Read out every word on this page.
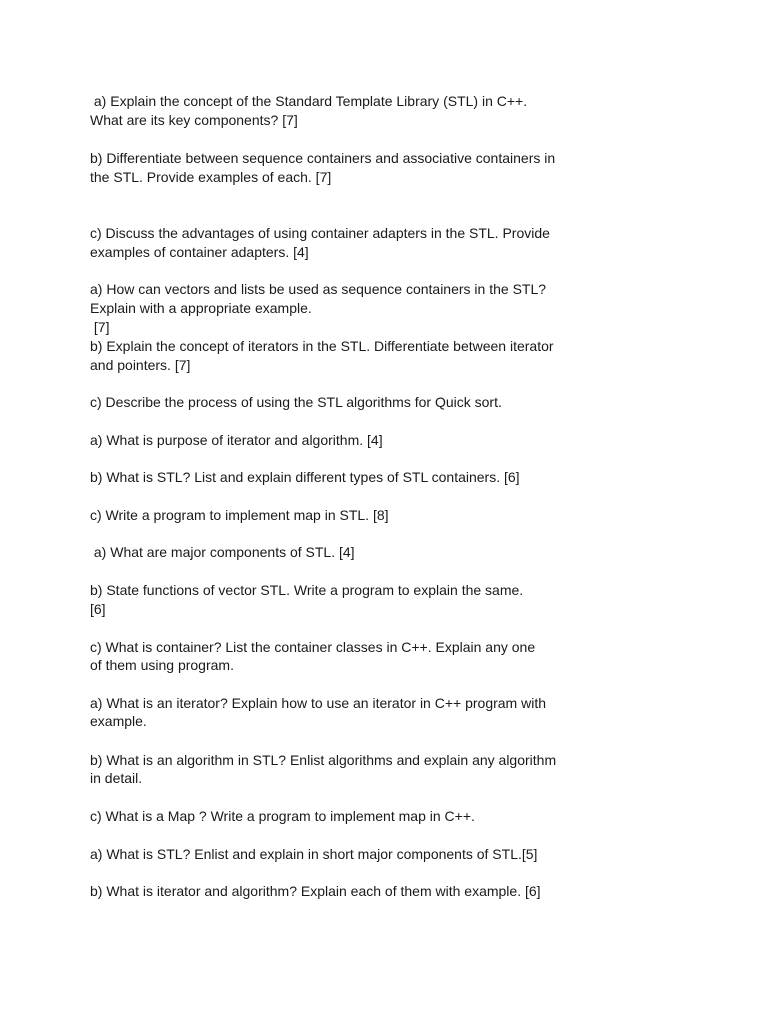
a) Explain the concept of the Standard Template Library (STL) in C++.

What are its key components? [7]

b) Differentiate between sequence containers and associative containers in

the STL. Provide examples of each. [7]

c) Discuss the advantages of using container adapters in the STL. Provide

examples of container adapters. [4]

a) How can vectors and lists be used as sequence containers in the STL?

Explain with a appropriate example.

[7]

b) Explain the concept of iterators in the STL. Differentiate between iterator

and pointers. [7]

c) Describe the process of using the STL algorithms for Quick sort.

a) What is purpose of iterator and algorithm. [4]

b) What is STL? List and explain different types of STL containers. [6]

c) Write a program to implement map in STL. [8]

a) What are major components of STL. [4]

b) State functions of vector STL. Write a program to explain the same.

[6]

c) What is container? List the container classes in C++. Explain any one

of them using program.

a) What is an iterator? Explain how to use an iterator in C++ program with

example.

b) What is an algorithm in STL? Enlist algorithms and explain any algorithm

in detail.

c) What is a Map ? Write a program to implement map in C++.

a) What is STL? Enlist and explain in short major components of STL.[5]

b) What is iterator and algorithm? Explain each of them with example. [6]
